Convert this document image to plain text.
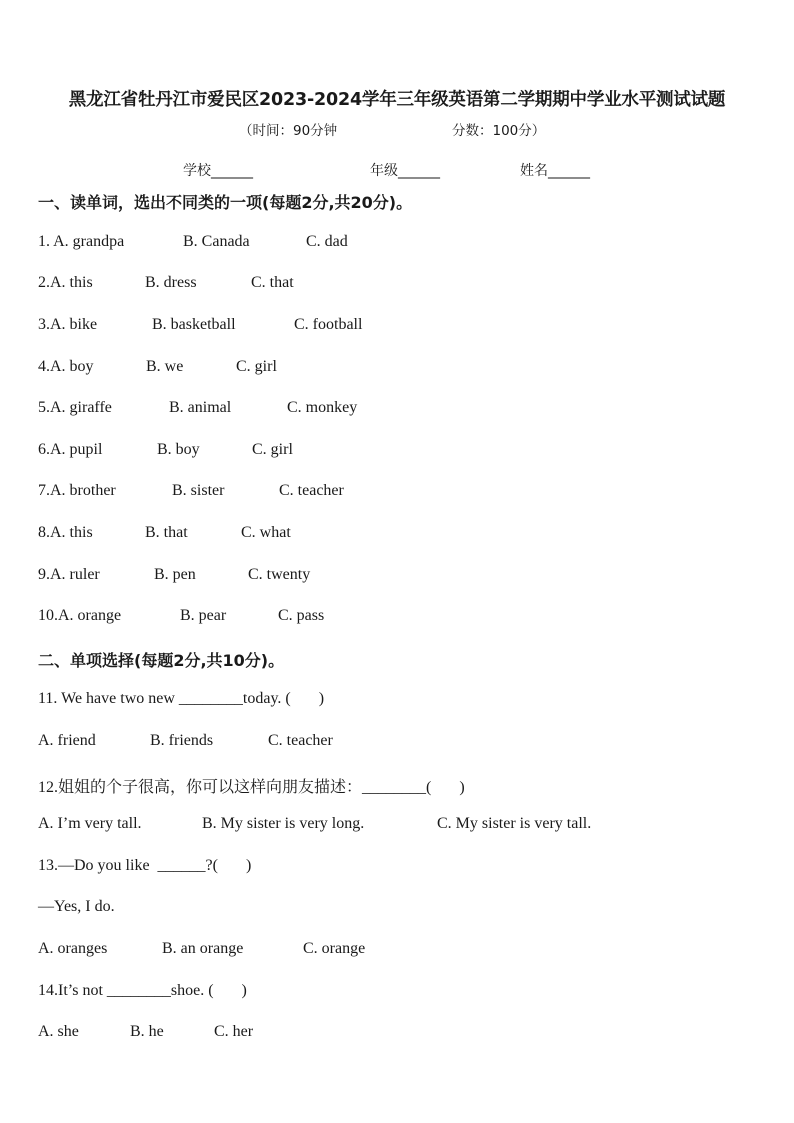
黑龙江省牡丹江市爱民区2023-2024学年三年级英语第二学期期中学业水平测试试题
（时间：90分钟	分数：100分）
学校______	年级______	姓名______
一、读单词，选出不同类的一项(每题2分,共20分)。
1. A. grandpa	B. Canada	C. dad
2.A. this	B. dress	C. that
3.A. bike	B. basketball	C. football
4.A. boy	B. we	C. girl
5.A. giraffe	B. animal	C. monkey
6.A. pupil	B. boy	C. girl
7.A. brother	B. sister	C. teacher
8.A. this	B. that	C. what
9.A. ruler	B. pen	C. twenty
10.A. orange	B. pear	C. pass
二、单项选择(每题2分,共10分)。
11. We have two new ________today. (       )
A. friend	B. friends	C. teacher
12.姐姐的个子很高，你可以这样向朋友描述：________(       )
A. I’m very tall.	B. My sister is very long.	C. My sister is very tall.
13.—Do you like  ______?(       )
—Yes, I do.
A. oranges	B. an orange	C. orange
14.It’s not ________shoe. (       )
A. she	B. he	C. her
